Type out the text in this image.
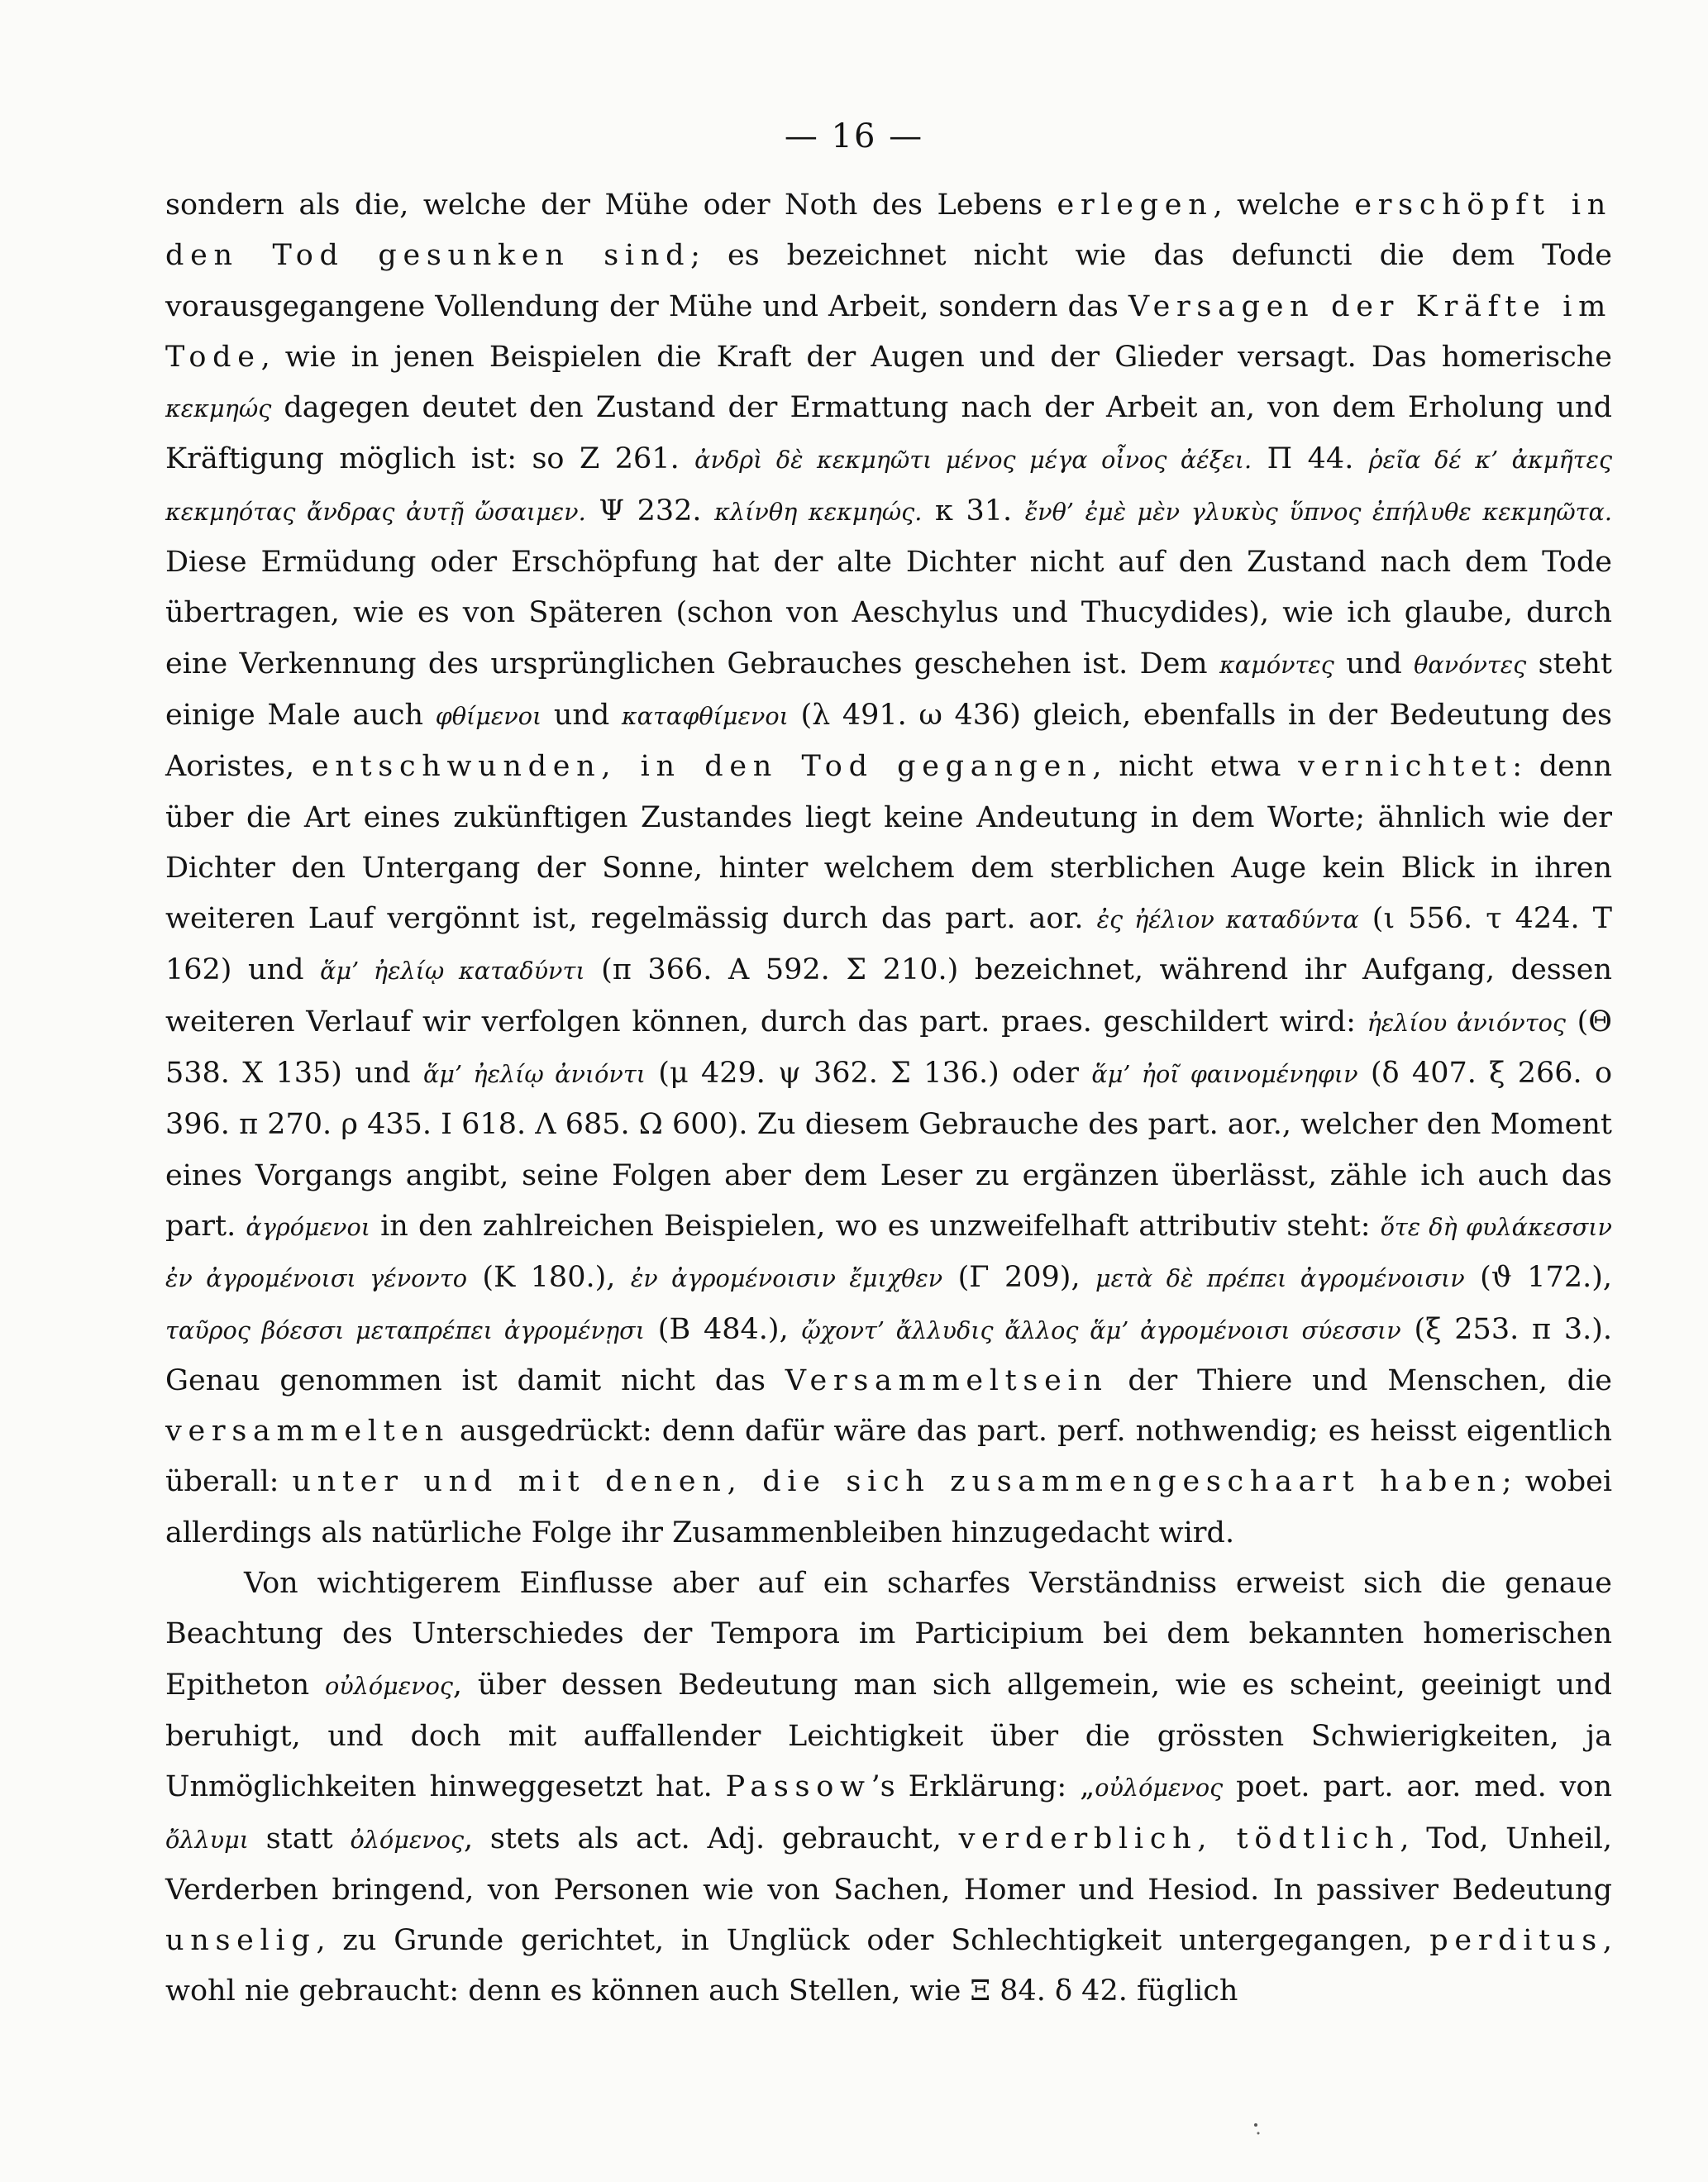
— 16 —

sondern als die, welche der Mühe oder Noth des Lebens erlegen, welche erschöpft in den Tod gesunken sind; es bezeichnet nicht wie das defuncti die dem Tode vorausgegangene Vollendung der Mühe und Arbeit, sondern das Versagen der Kräfte im Tode, wie in jenen Beispielen die Kraft der Augen und der Glieder versagt. Das homerische κεκμηώς dagegen deutet den Zustand der Ermattung nach der Arbeit an, von dem Erholung und Kräftigung möglich ist: so Z 261. ἀνδρὶ δὲ κεκμηῶτι μένος μέγα οἶνος ἀέξει. Π 44. ῥεῖα δέ κ’ ἀκμῆτες κεκμηότας ἄνδρας ἀυτῇ ὤσαιμεν. Ψ 232. κλίνθη κεκμηώς. κ 31. ἔνθ’ ἐμὲ μὲν γλυκὺς ὕπνος ἐπήλυθε κεκμηῶτα. Diese Ermüdung oder Erschöpfung hat der alte Dichter nicht auf den Zustand nach dem Tode übertragen, wie es von Späteren (schon von Aeschylus und Thucydides), wie ich glaube, durch eine Verkennung des ursprünglichen Gebrauches geschehen ist. Dem καμόντες und θανόντες steht einige Male auch φθίμενοι und καταφθίμενοι (λ 491. ω 436) gleich, ebenfalls in der Bedeutung des Aoristes, entschwunden, in den Tod gegangen, nicht etwa vernichtet: denn über die Art eines zukünftigen Zustandes liegt keine Andeutung in dem Worte; ähnlich wie der Dichter den Untergang der Sonne, hinter welchem dem sterblichen Auge kein Blick in ihren weiteren Lauf vergönnt ist, regelmässig durch das part. aor. ἐς ἠέλιον καταδύντα (ι 556. τ 424. T 162) und ἅμ’ ἠελίῳ καταδύντι (π 366. Α 592. Σ 210.) bezeichnet, während ihr Aufgang, dessen weiteren Verlauf wir verfolgen können, durch das part. praes. geschildert wird: ἠελίου ἀνιόντος (Θ 538. X 135) und ἅμ’ ἠελίῳ ἀνιόντι (μ 429. ψ 362. Σ 136.) oder ἅμ’ ἠοῖ φαινομένηφιν (δ 407. ξ 266. ο 396. π 270. ρ 435. Ι 618. Λ 685. Ω 600). Zu diesem Gebrauche des part. aor., welcher den Moment eines Vorgangs angibt, seine Folgen aber dem Leser zu ergänzen überlässt, zähle ich auch das part. ἀγρόμενοι in den zahlreichen Beispielen, wo es unzweifelhaft attributiv steht: ὅτε δὴ φυλάκεσσιν ἐν ἀγρομένοισι γένοντο (K 180.), ἐν ἀγρομένοισιν ἔμιχθεν (Γ 209), μετὰ δὲ πρέπει ἀγρομένοισιν (ϑ 172.), ταῦρος βόεσσι μεταπρέπει ἀγρομένῃσι (B 484.), ᾤχοντ’ ἄλλυδις ἄλλος ἅμ’ ἀγρομένοισι σύεσσιν (ξ 253. π 3.). Genau genommen ist damit nicht das Versammeltsein der Thiere und Menschen, die versammelten ausgedrückt: denn dafür wäre das part. perf. nothwendig; es heisst eigentlich überall: unter und mit denen, die sich zusammengeschaart haben; wobei allerdings als natürliche Folge ihr Zusammenbleiben hinzugedacht wird.

Von wichtigerem Einflusse aber auf ein scharfes Verständniss erweist sich die genaue Beachtung des Unterschiedes der Tempora im Participium bei dem bekannten homerischen Epitheton οὐλόμενος, über dessen Bedeutung man sich allgemein, wie es scheint, geeinigt und beruhigt, und doch mit auffallender Leichtigkeit über die grössten Schwierigkeiten, ja Unmöglichkeiten hinweggesetzt hat. Passow’s Erklärung: „οὐλόμενος poet. part. aor. med. von ὄλλυμι statt ὀλόμενος, stets als act. Adj. gebraucht, verderblich, tödtlich, Tod, Unheil, Verderben bringend, von Personen wie von Sachen, Homer und Hesiod. In passiver Bedeutung unselig, zu Grunde gerichtet, in Unglück oder Schlechtigkeit untergegangen, perditus, wohl nie gebraucht: denn es können auch Stellen, wie Ξ 84. δ 42. füglich
